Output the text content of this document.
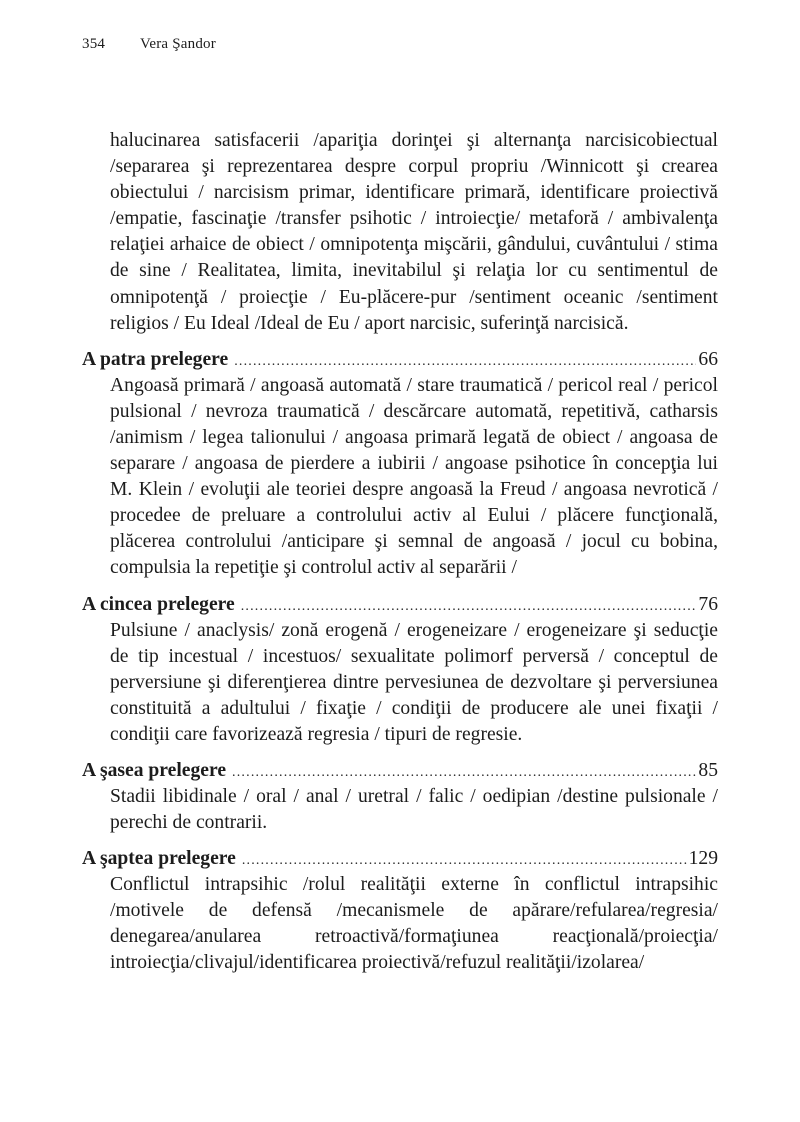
354	Vera Şandor
halucinarea satisfacerii /apariţia dorinţei şi alternanţa narcisicobiectual /separarea şi reprezentarea despre corpul propriu /Winnicott şi crearea obiectului / narcisism primar, identificare primară, identificare proiectivă /empatie, fascinaţie /transfer psihotic / introiecţie/ metaforă / ambivalenţa relaţiei arhaice de obiect / omnipotenţa mişcării, gândului, cuvântului / stima de sine / Realitatea, limita, inevitabilul şi relaţia lor cu sentimentul de omnipotenţă / proiecţie / Eu-plăcere-pur /sentiment oceanic /sentiment religios / Eu Ideal /Ideal de Eu / aport narcisic, suferinţă narcisică.
A patra prelegere .....	66
Angoasă primară / angoasă automată / stare traumatică / pericol real / pericol pulsional / nevroza traumatică / descărcare automată, repetitivă, catharsis /animism / legea talionului / angoasa primară legată de obiect / angoasa de separare / angoasa de pierdere a iubirii / angoase psihotice în concepţia lui M. Klein / evoluţii ale teoriei despre angoasă la Freud / angoasa nevrotică / procedee de preluare a controlului activ al Eului / plăcere funcţională, plăcerea controlului /anticipare şi semnal de angoasă / jocul cu bobina, compulsia la repetiţie şi controlul activ al separării /
A cincea prelegere .....	76
Pulsiune / anaclysis/ zonă erogenă / erogeneizare / erogeneizare şi seducţie de tip incestual / incestuos/ sexualitate polimorf perversă / conceptul de perversiune şi diferenţierea dintre pervesiunea de dezvoltare şi perversiunea constituită a adultului / fixaţie / condiţii de producere ale unei fixaţii / condiţii care favorizează regresia / tipuri de regresie.
A şasea prelegere .....	85
Stadii libidinale / oral / anal / uretral / falic / oedipian /destine pulsionale / perechi de contrarii.
A şaptea prelegere .....	129
Conflictul intrapsihic /rolul realităţii externe în conflictul intrapsihic /motivele de defensă /mecanismele de apărare/refularea/regresia/ denegarea/anularea retroactivă/formaţiunea reacţională/proiecţia/ introiecţia/clivajul/identificarea proiectivă/refuzul realităţii/izolarea/
